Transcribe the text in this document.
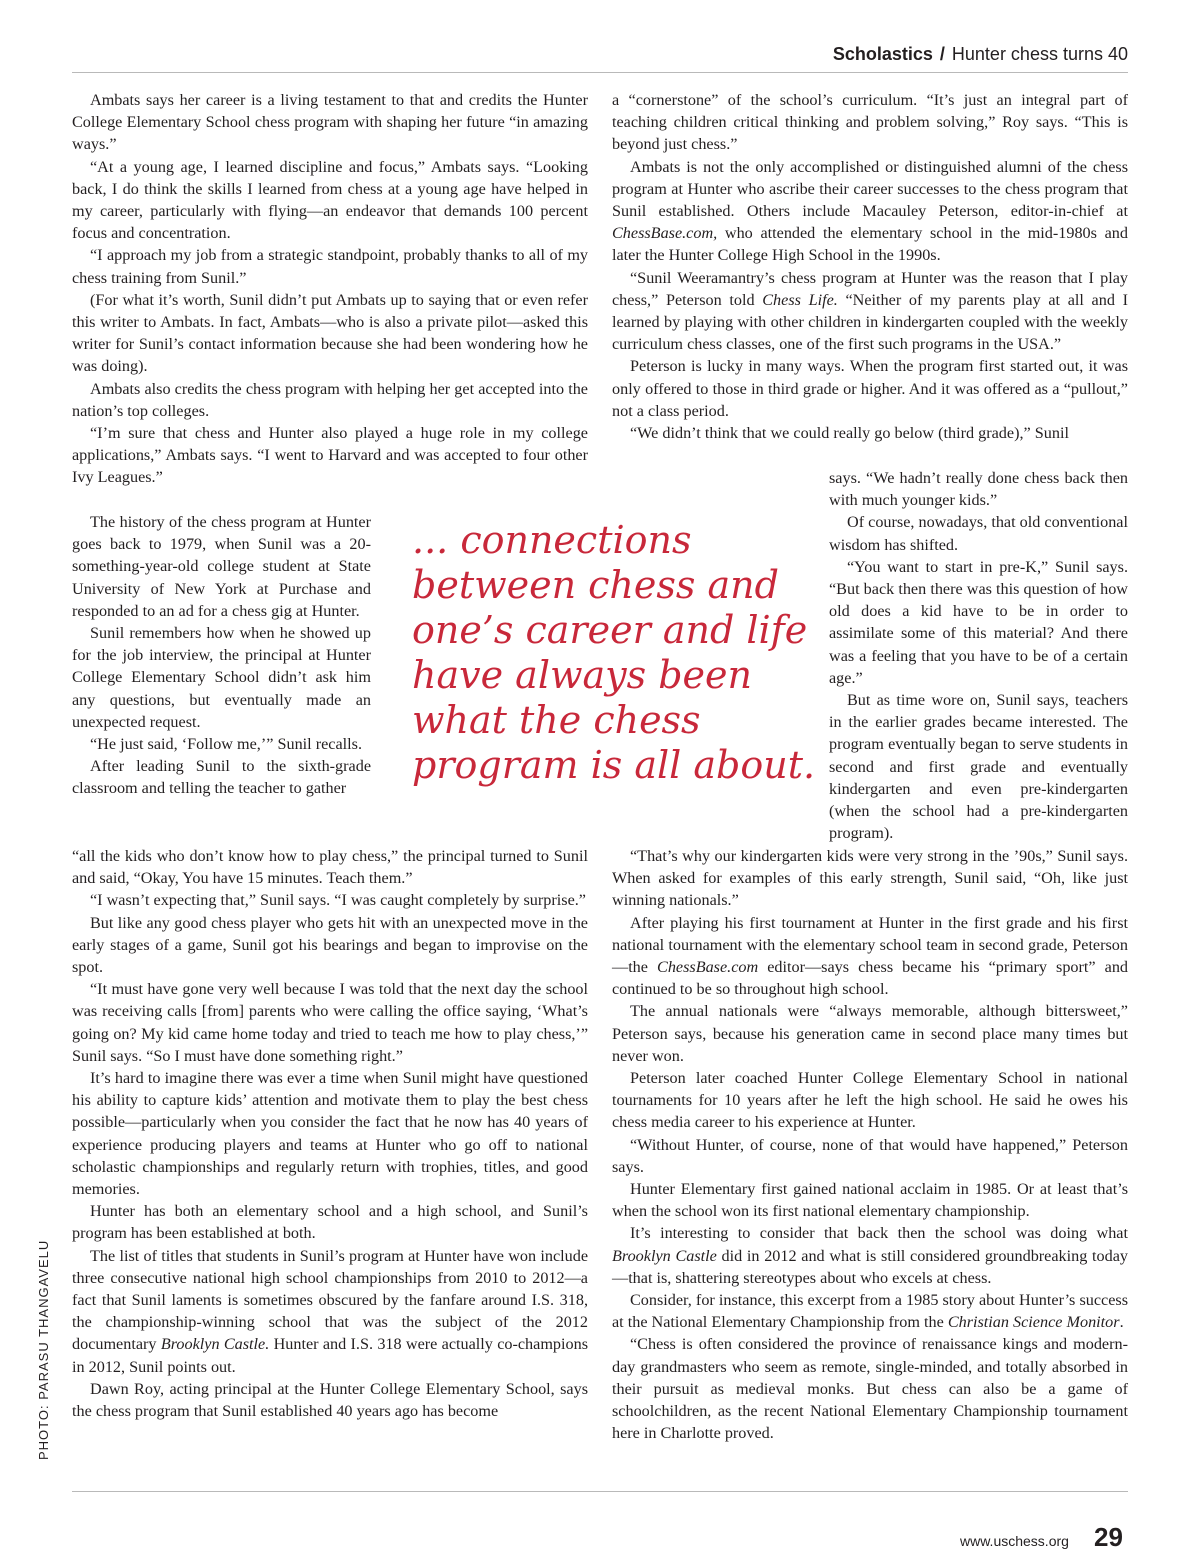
Scholastics / Hunter chess turns 40

Ambats says her career is a living testament to that and credits the Hunter College Elementary School chess program with shaping her future “in amazing ways.”

“At a young age, I learned discipline and focus,” Ambats says. “Looking back, I do think the skills I learned from chess at a young age have helped in my career, particularly with flying—an endeavor that demands 100 percent focus and concentration.

“I approach my job from a strategic standpoint, probably thanks to all of my chess training from Sunil.”

(For what it’s worth, Sunil didn’t put Ambats up to saying that or even refer this writer to Ambats. In fact, Ambats—who is also a private pilot—asked this writer for Sunil’s contact information because she had been wondering how he was doing).

Ambats also credits the chess program with helping her get accepted into the nation’s top colleges.

“I’m sure that chess and Hunter also played a huge role in my college applications,” Ambats says. “I went to Harvard and was accepted to four other Ivy Leagues.”

The history of the chess program at Hunter goes back to 1979, when Sunil was a 20-something-year-old college student at State University of New York at Purchase and responded to an ad for a chess gig at Hunter.

Sunil remembers how when he showed up for the job interview, the principal at Hunter College Elementary School didn’t ask him any questions, but eventually made an unexpected request.

“He just said, ‘Follow me,’” Sunil recalls.

After leading Sunil to the sixth-grade classroom and telling the teacher to gather

“all the kids who don’t know how to play chess,” the principal turned to Sunil and said, “Okay, You have 15 minutes. Teach them.”

“I wasn’t expecting that,” Sunil says. “I was caught completely by surprise.”

But like any good chess player who gets hit with an unexpected move in the early stages of a game, Sunil got his bearings and began to improvise on the spot.

“It must have gone very well because I was told that the next day the school was receiving calls [from] parents who were calling the office saying, ‘What’s going on? My kid came home today and tried to teach me how to play chess,’” Sunil says. “So I must have done something right.”

It’s hard to imagine there was ever a time when Sunil might have questioned his ability to capture kids’ attention and motivate them to play the best chess possible—particularly when you consider the fact that he now has 40 years of experience producing players and teams at Hunter who go off to national scholastic championships and regularly return with trophies, titles, and good memories.

Hunter has both an elementary school and a high school, and Sunil’s program has been established at both.

The list of titles that students in Sunil’s program at Hunter have won include three consecutive national high school championships from 2010 to 2012—a fact that Sunil laments is sometimes obscured by the fanfare around I.S. 318, the championship-winning school that was the subject of the 2012 documentary Brooklyn Castle. Hunter and I.S. 318 were actually co-champions in 2012, Sunil points out.

Dawn Roy, acting principal at the Hunter College Elementary School, says the chess program that Sunil established 40 years ago has become

... connections between chess and one’s career and life have always been what the chess program is all about.

a “cornerstone” of the school’s curriculum. “It’s just an integral part of teaching children critical thinking and problem solving,” Roy says. “This is beyond just chess.”

Ambats is not the only accomplished or distinguished alumni of the chess program at Hunter who ascribe their career successes to the chess program that Sunil established. Others include Macauley Peterson, editor-in-chief at ChessBase.com, who attended the elementary school in the mid-1980s and later the Hunter College High School in the 1990s.

“Sunil Weeramantry’s chess program at Hunter was the reason that I play chess,” Peterson told Chess Life. “Neither of my parents play at all and I learned by playing with other children in kindergarten coupled with the weekly curriculum chess classes, one of the first such programs in the USA.”

Peterson is lucky in many ways. When the program first started out, it was only offered to those in third grade or higher. And it was offered as a “pullout,” not a class period.

“We didn’t think that we could really go below (third grade),” Sunil

says. “We hadn’t really done chess back then with much younger kids.”

Of course, nowadays, that old conventional wisdom has shifted.

“You want to start in pre-K,” Sunil says. “But back then there was this question of how old does a kid have to be in order to assimilate some of this material? And there was a feeling that you have to be of a certain age.”

But as time wore on, Sunil says, teachers in the earlier grades became interested. The program eventually began to serve students in second and first grade and eventually kindergarten and even pre-kindergarten (when the school had a pre-kindergarten program).

“That’s why our kindergarten kids were very strong in the ’90s,” Sunil says. When asked for examples of this early strength, Sunil said, “Oh, like just winning nationals.”

After playing his first tournament at Hunter in the first grade and his first national tournament with the elementary school team in second grade, Peterson—the ChessBase.com editor—says chess became his “primary sport” and continued to be so throughout high school.

The annual nationals were “always memorable, although bittersweet,” Peterson says, because his generation came in second place many times but never won.

Peterson later coached Hunter College Elementary School in national tournaments for 10 years after he left the high school. He said he owes his chess media career to his experience at Hunter.

“Without Hunter, of course, none of that would have happened,” Peterson says.

Hunter Elementary first gained national acclaim in 1985. Or at least that’s when the school won its first national elementary championship.

It’s interesting to consider that back then the school was doing what Brooklyn Castle did in 2012 and what is still considered groundbreaking today—that is, shattering stereotypes about who excels at chess.

Consider, for instance, this excerpt from a 1985 story about Hunter’s success at the National Elementary Championship from the Christian Science Monitor.

“Chess is often considered the province of renaissance kings and modern-day grandmasters who seem as remote, single-minded, and totally absorbed in their pursuit as medieval monks. But chess can also be a game of schoolchildren, as the recent National Elementary Championship tournament here in Charlotte proved.

PHOTO: PARASU THANGAVELU
www.uschess.org 29
